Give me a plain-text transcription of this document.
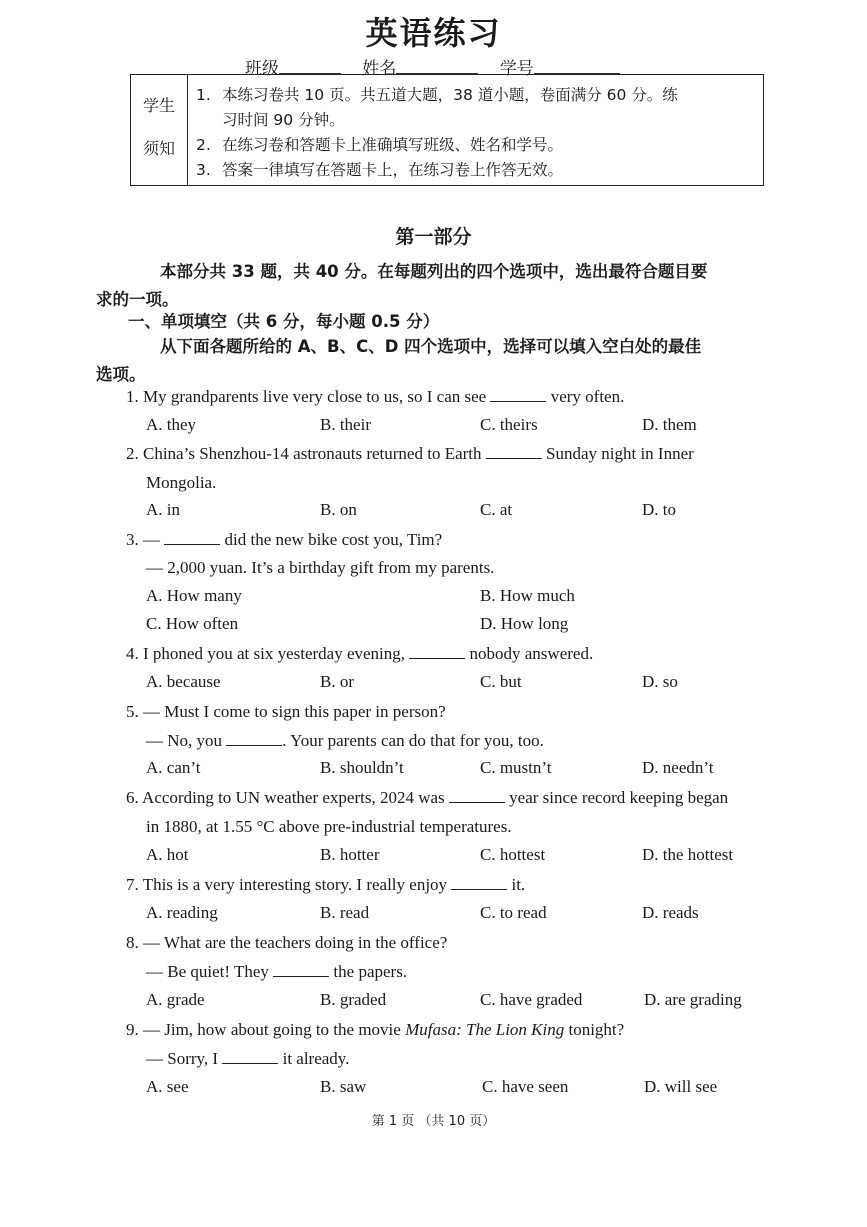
英语练习
班级	姓名	学号
学生
须知
1. 本练习卷共 10 页。共五道大题，38 道小题，卷面满分 60 分。练
习时间 90 分钟。
2. 在练习卷和答题卡上准确填写班级、姓名和学号。
3. 答案一律填写在答题卡上，在练习卷上作答无效。
第一部分
本部分共 33 题，共 40 分。在每题列出的四个选项中，选出最符合题目要
求的一项。
一、单项填空（共 6 分，每小题 0.5 分）
从下面各题所给的 A、B、C、D 四个选项中，选择可以填入空白处的最佳
选项。
1. My grandparents live very close to us, so I can see	very often.
A. they	B. their	C. theirs	D. them
2. China’s Shenzhou-14 astronauts returned to Earth	Sunday night in Inner
Mongolia.
A. in	B. on	C. at	D. to
3. —	did the new bike cost you, Tim?
— 2,000 yuan. It’s a birthday gift from my parents.
A. How many	B. How much
C. How often	D. How long
4. I phoned you at six yesterday evening,	nobody answered.
A. because	B. or	C. but	D. so
5. — Must I come to sign this paper in person?
— No, you	. Your parents can do that for you, too.
A. can’t	B. shouldn’t	C. mustn’t	D. needn’t
6. According to UN weather experts, 2024 was	year since record keeping began
in 1880, at 1.55 °C above pre-industrial temperatures.
A. hot	B. hotter	C. hottest	D. the hottest
7. This is a very interesting story. I really enjoy	it.
A. reading	B. read	C. to read	D. reads
8. — What are the teachers doing in the office?
— Be quiet! They	the papers.
A. grade	B. graded	C. have graded	D. are grading
9. — Jim, how about going to the movie Mufasa: The Lion King tonight?
— Sorry, I	it already.
A. see	B. saw	C. have seen	D. will see
第 1 页 （共 10 页）
